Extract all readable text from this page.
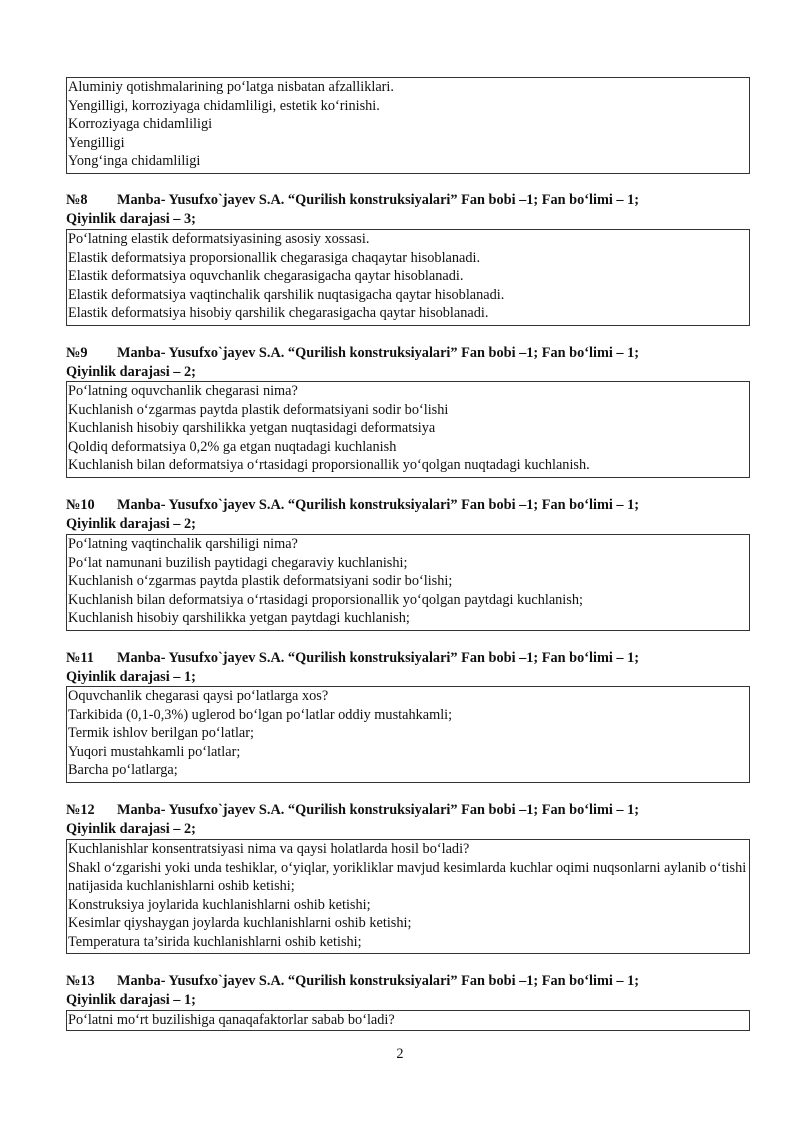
Aluminiy qotishmalarining po‘latga nisbatan afzalliklari.
Yengilligi, korroziyaga chidamliligi, estetik ko‘rinishi.
Korroziyaga chidamliligi
Yengilligi
Yong‘inga chidamliligi
№8 Manba- Yusufxo`jayev S.A. “Qurilish konstruksiyalari” Fan bobi –1; Fan bo‘limi – 1;
Qiyinlik darajasi – 3;
Po‘latning elastik deformatsiyasining asosiy xossasi.
Elastik deformatsiya proporsionallik chegarasiga chaqaytar hisoblanadi.
Elastik deformatsiya oquvchanlik chegarasigacha qaytar hisoblanadi.
Elastik deformatsiya vaqtinchalik qarshilik nuqtasigacha qaytar hisoblanadi.
Elastik deformatsiya hisobiy qarshilik chegarasigacha qaytar hisoblanadi.
№9 Manba- Yusufxo`jayev S.A. “Qurilish konstruksiyalari” Fan bobi –1; Fan bo‘limi – 1;
Qiyinlik darajasi – 2;
Po‘latning oquvchanlik chegarasi nima?
Kuchlanish o‘zgarmas paytda plastik deformatsiyani sodir bo‘lishi
Kuchlanish hisobiy qarshilikka yetgan nuqtasidagi deformatsiya
Qoldiq deformatsiya 0,2% ga etgan nuqtadagi kuchlanish
Kuchlanish bilan deformatsiya o‘rtasidagi proporsionallik yo‘qolgan nuqtadagi kuchlanish.
№10 Manba- Yusufxo`jayev S.A. “Qurilish konstruksiyalari” Fan bobi –1; Fan bo‘limi – 1;
Qiyinlik darajasi – 2;
Po‘latning vaqtinchalik qarshiligi nima?
Po‘lat namunani buzilish paytidagi chegaraviy kuchlanishi;
Kuchlanish o‘zgarmas paytda plastik deformatsiyani sodir bo‘lishi;
Kuchlanish bilan deformatsiya o‘rtasidagi proporsionallik yo‘qolgan paytdagi kuchlanish;
Kuchlanish hisobiy qarshilikka yetgan paytdagi kuchlanish;
№11 Manba- Yusufxo`jayev S.A. “Qurilish konstruksiyalari” Fan bobi –1; Fan bo‘limi – 1;
Qiyinlik darajasi – 1;
Oquvchanlik chegarasi qaysi po‘latlarga xos?
Tarkibida (0,1-0,3%) uglerod bo‘lgan po‘latlar oddiy mustahkamli;
Termik ishlov berilgan po‘latlar;
Yuqori mustahkamli po‘latlar;
Barcha po‘latlarga;
№12 Manba- Yusufxo`jayev S.A. “Qurilish konstruksiyalari” Fan bobi –1; Fan bo‘limi – 1;
Qiyinlik darajasi – 2;
Kuchlanishlar konsentratsiyasi nima va qaysi holatlarda hosil bo‘ladi?
Shakl o‘zgarishi yoki unda teshiklar, o‘yiqlar, yorikliklar mavjud kesimlarda kuchlar oqimi nuqsonlarni aylanib o‘tishi natijasida kuchlanishlarni oshib ketishi;
Konstruksiya joylarida kuchlanishlarni oshib ketishi;
Kesimlar qiyshaygan joylarda kuchlanishlarni oshib ketishi;
Temperatura ta’sirida kuchlanishlarni oshib ketishi;
№13 Manba- Yusufxo`jayev S.A. “Qurilish konstruksiyalari” Fan bobi –1; Fan bo‘limi – 1;
Qiyinlik darajasi – 1;
Po‘latni mo‘rt buzilishiga qanaqafaktorlar sabab bo‘ladi?
2
